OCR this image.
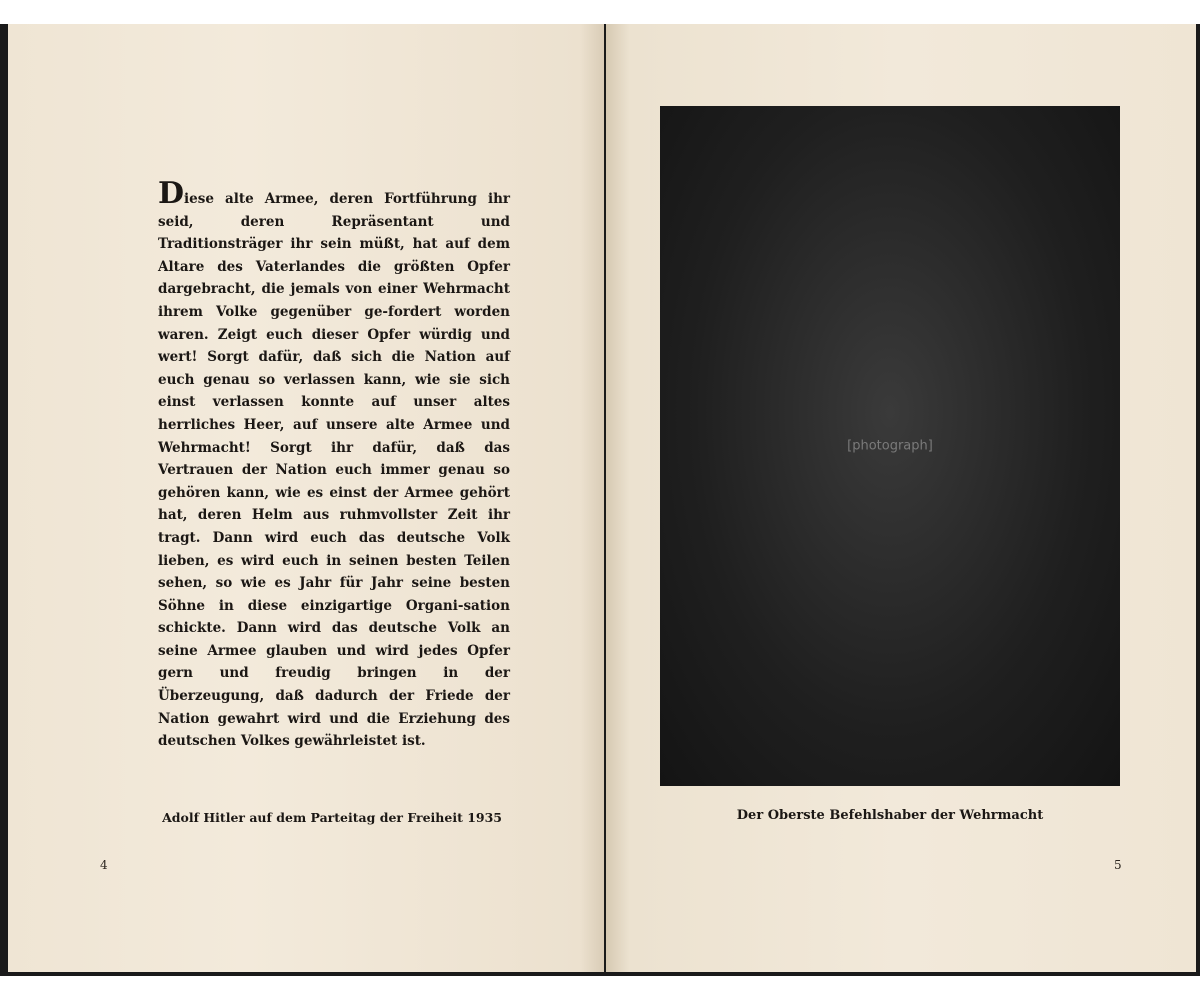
Diese alte Armee, deren Fortführung ihr seid, deren Repräsentant und Traditionsträger ihr sein müßt, hat auf dem Altare des Vaterlandes die größten Opfer dargebracht, die jemals von einer Wehrmacht ihrem Volke gegenüber ge-fordert worden waren. Zeigt euch dieser Opfer würdig und wert! Sorgt dafür, daß sich die Nation auf euch genau so verlassen kann, wie sie sich einst verlassen konnte auf unser altes herrliches Heer, auf unsere alte Armee und Wehrmacht! Sorgt ihr dafür, daß das Vertrauen der Nation euch immer genau so gehören kann, wie es einst der Armee gehört hat, deren Helm aus ruhmvollster Zeit ihr tragt. Dann wird euch das deutsche Volk lieben, es wird euch in seinen besten Teilen sehen, so wie es Jahr für Jahr seine besten Söhne in diese einzigartige Organi-sation schickte. Dann wird das deutsche Volk an seine Armee glauben und wird jedes Opfer gern und freudig bringen in der Überzeugung, daß dadurch der Friede der Nation gewahrt wird und die Erziehung des deutschen Volkes gewährleistet ist.

Adolf Hitler auf dem Parteitag der Freiheit 1935
4
[photograph]
Der Oberste Befehlshaber der Wehrmacht
5
